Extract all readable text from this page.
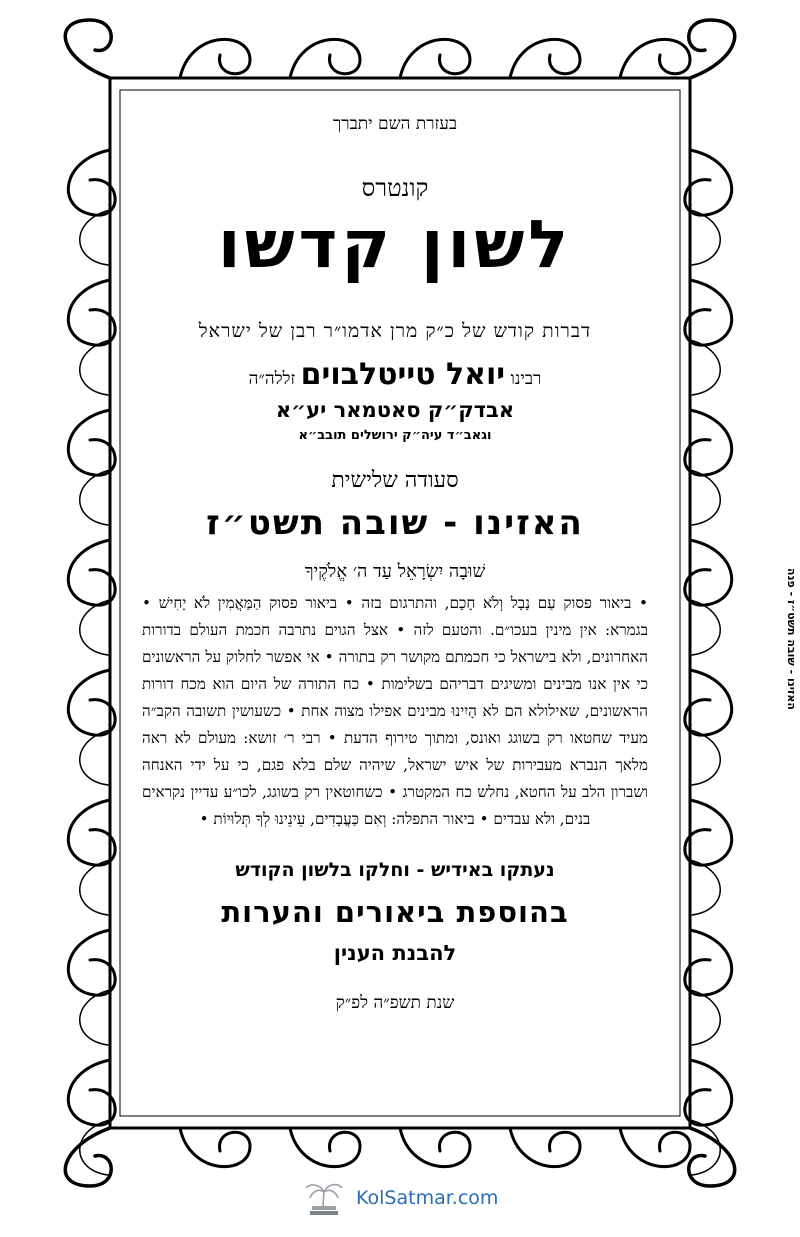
בעזרת השם יתברך
קונטרס
לשון קדשו
דברות קודש של כ״ק מרן אדמו״ר רבן של ישראל
רבינו יואל טייטלבוים זללה״ה
אבדק״ק סאטמאר יע״א
וגאב״ד עיה״ק ירושלים תובב״א
סעודה שלישית
האזינו - שובה תשט״ז
שׁוּבָה יִשְׂרָאֵל עַד ה׳ אֱלֹקֶיךָ
• ביאור פסוק עַם נָבָל וְלֹא חָכָם, והתרגום בזה • ביאור פסוק הַמַּאֲמִין לֹא יָחִישׁ • בגמרא: אין מינין בעכו״ם. והטעם לזה • אצל הגוים נתרבה חכמת העולם בדורות האחרונים, ולא בישראל כי חכמתם מקושר רק בתורה • אי אפשר לחלוק על הראשונים כי אין אנו מבינים ומשיגים דבריהם בשלימות • כח התורה של היום הוא מכח דורות הראשונים, שאילולא הם לא הָיִינוּ מבינים אפילו מצוה אחת • כשעושין תשובה הקב״ה מעיד שחטאו רק בשוגג ואונס, ומתוך טירוף הדעת • רבי ר׳ זושא: מעולם לא ראה מלאך הנברא מעבירות של איש ישראל, שיהיה שלם בלא פגם, כי על ידי האנחה ושברון הלב על החטא, נחלש כח המקטרג • כשחוטאין רק בשוגג, לכו״ע עדיין נקראים בנים, ולא עבדים • ביאור התפלה: וְאִם כַּעֲבָדִים, עֵינֵינוּ לְךָ תְּלוּיוֹת •
נעתקו באידיש - וחלקו בלשון הקודש
בהוספת ביאורים והערות
להבנת הענין
שנת תשפ״ה לפ״ק
האזינו - שובה תשט״ז - פנה
KolSatmar.com
